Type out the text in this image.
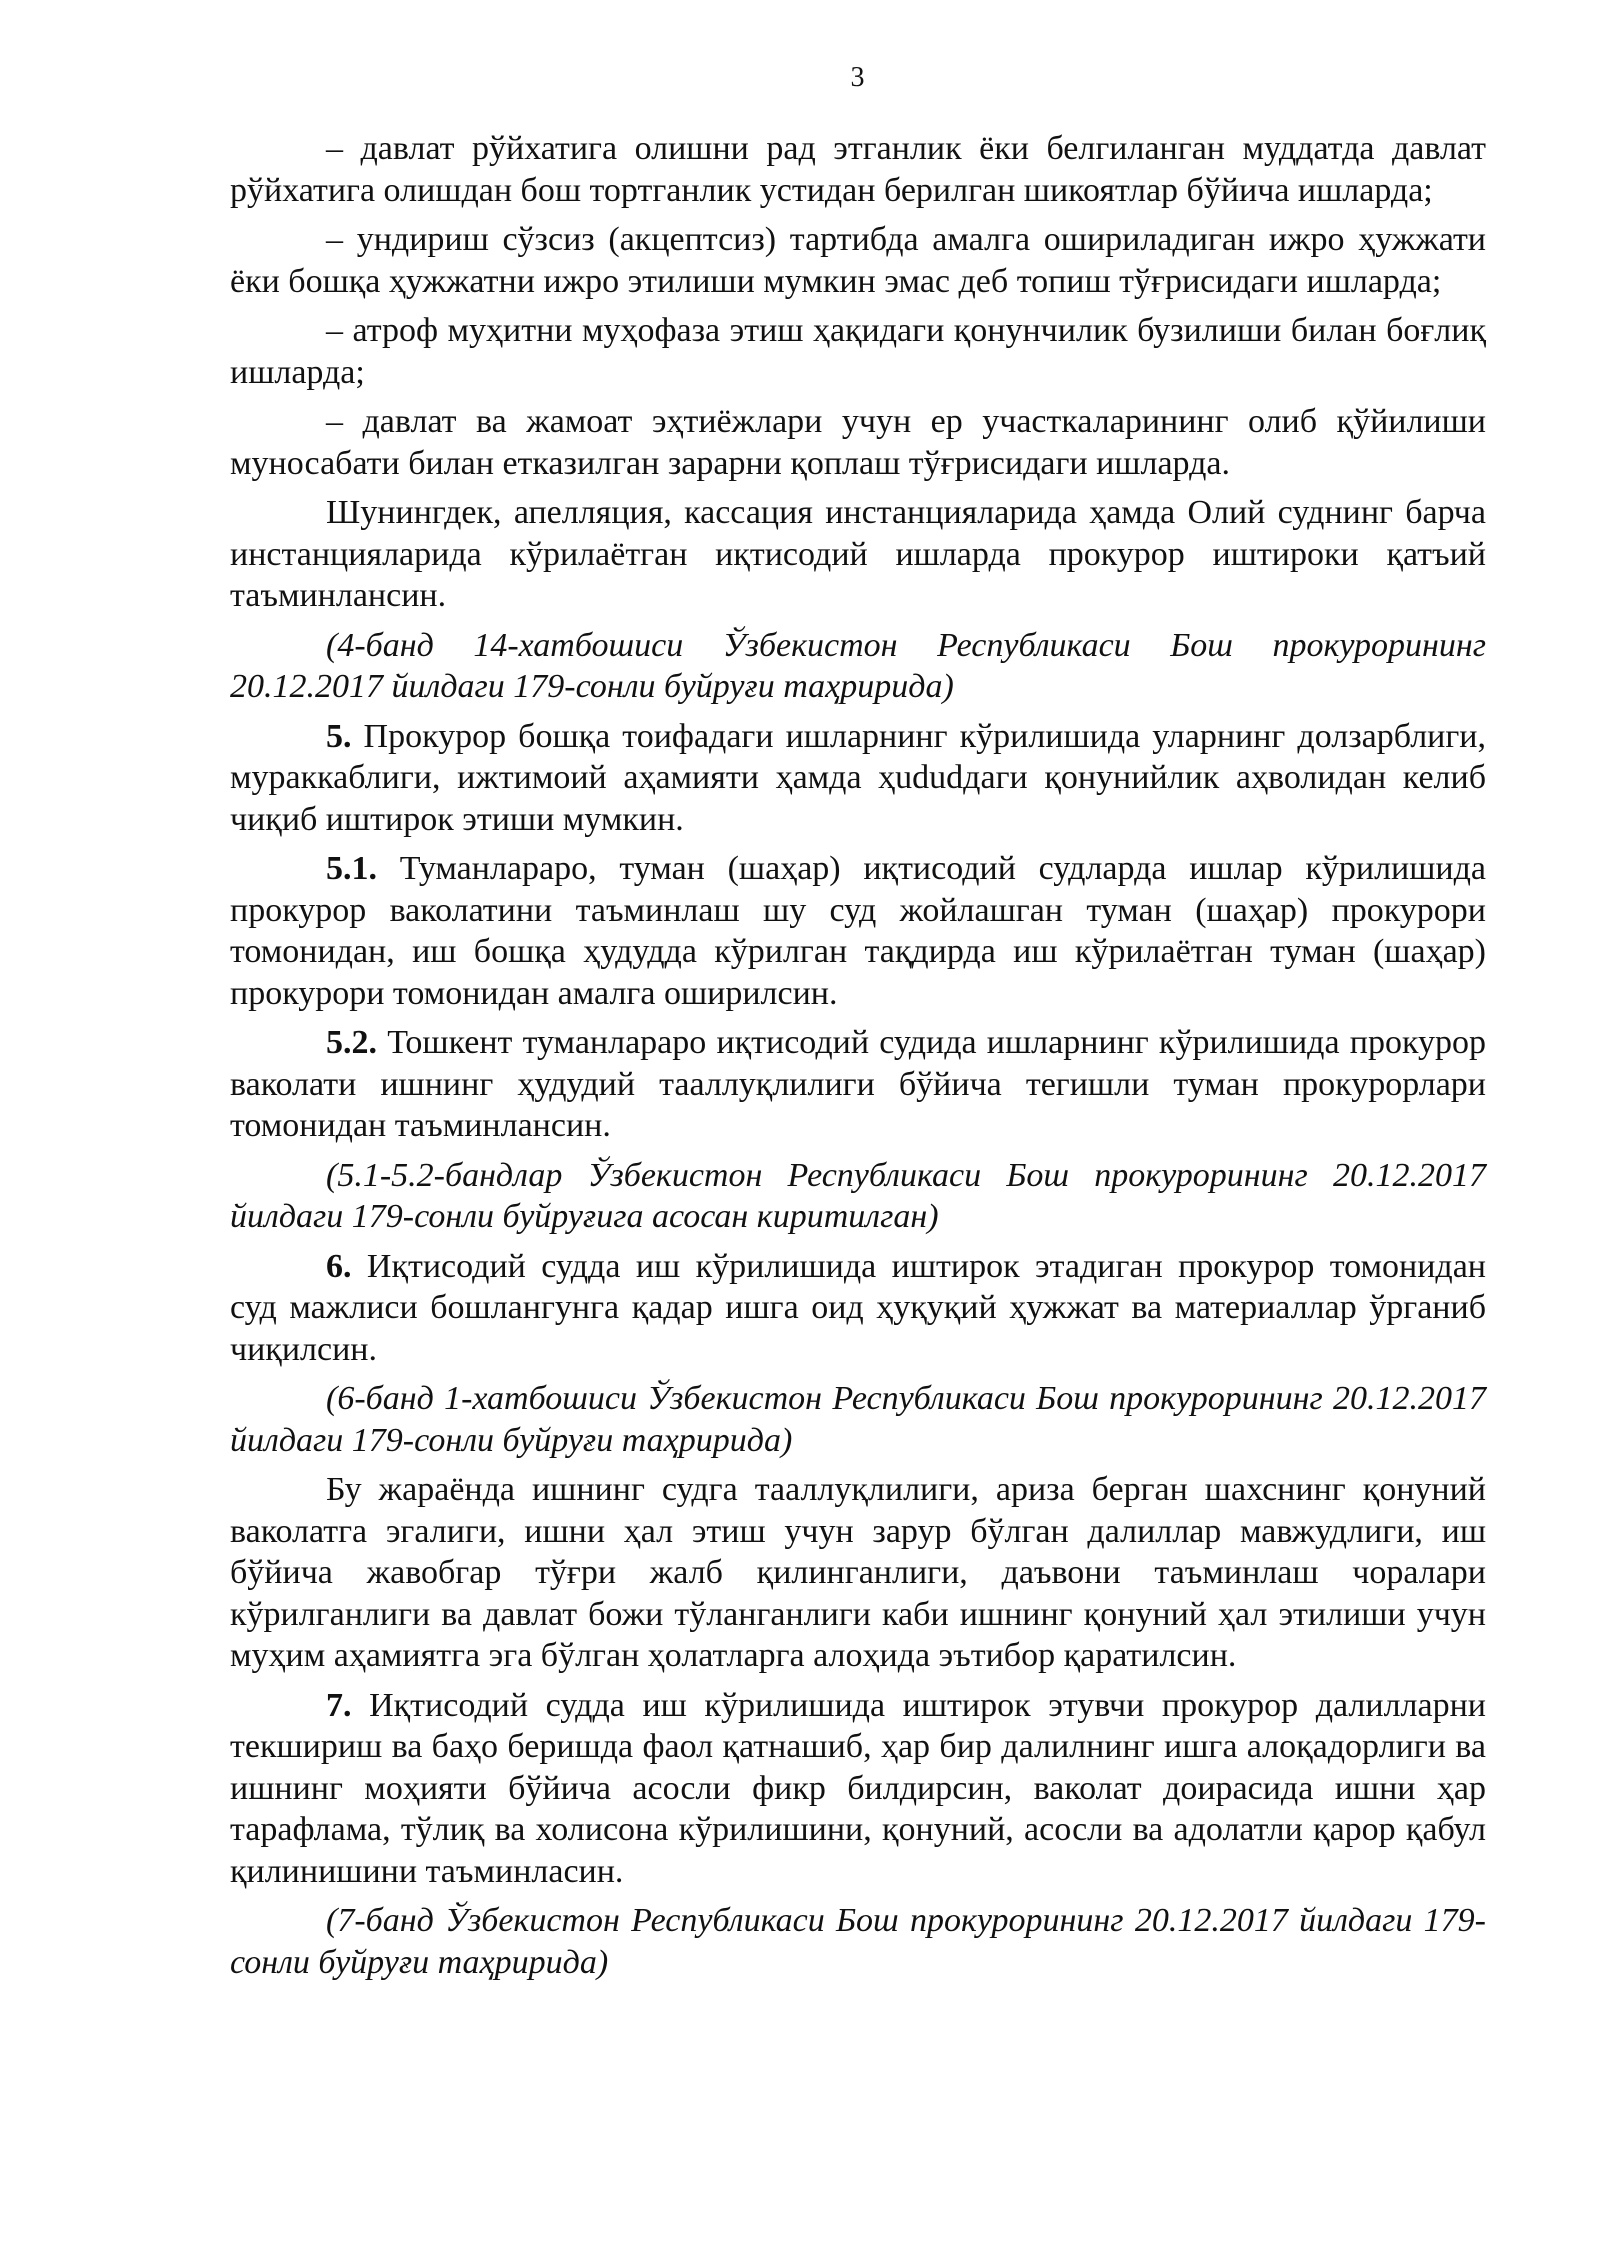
3

– давлат рўйхатига олишни рад этганлик ёки белгиланган муддатда давлат рўйхатига олишдан бош тортганлик устидан берилган шикоятлар бўйича ишларда;

– ундириш сўзсиз (акцептсиз) тартибда амалга ошириладиган ижро ҳужжати ёки бошқа ҳужжатни ижро этилиши мумкин эмас деб топиш тўғрисидаги ишларда;

– атроф муҳитни муҳофаза этиш ҳақидаги қонунчилик бузилиши билан боғлиқ ишларда;

– давлат ва жамоат эҳтиёжлари учун ер участкаларининг олиб қўйилиши муносабати билан етказилган зарарни қоплаш тўғрисидаги ишларда.

Шунингдек, апелляция, кассация инстанцияларида ҳамда Олий суднинг барча инстанцияларида кўрилаётган иқтисодий ишларда прокурор иштироки қатъий таъминлансин.

(4-банд 14-хатбошиси Ўзбекистон Республикаси Бош прокурорининг 20.12.2017 йилдаги 179-сонли буйруғи таҳририда)

5. Прокурор бошқа тоифадаги ишларнинг кўрилишида уларнинг долзарблиги, мураккаблиги, ижтимоий аҳамияти ҳамда ҳududдаги қонунийлик аҳволидан келиб чиқиб иштирок этиши мумкин.

5.1. Туманлараро, туман (шаҳар) иқтисодий судларда ишлар кўрилишида прокурор ваколатини таъминлаш шу суд жойлашган туман (шаҳар) прокурори томонидан, иш бошқа ҳудудда кўрилган тақдирда иш кўрилаётган туман (шаҳар) прокурори томонидан амалга оширилсин.

5.2. Тошкент туманлараро иқтисодий судида ишларнинг кўрилишида прокурор ваколати ишнинг ҳудудий тааллуқлилиги бўйича тегишли туман прокурорлари томонидан таъминлансин.

(5.1-5.2-бандлар Ўзбекистон Республикаси Бош прокурорининг 20.12.2017 йилдаги 179-сонли буйруғига асосан киритилган)

6. Иқтисодий судда иш кўрилишида иштирок этадиган прокурор томонидан суд мажлиси бошлангунга қадар ишга оид ҳуқуқий ҳужжат ва материаллар ўрганиб чиқилсин.

(6-банд 1-хатбошиси Ўзбекистон Республикаси Бош прокурорининг 20.12.2017 йилдаги 179-сонли буйруғи таҳририда)

Бу жараёнда ишнинг судга тааллуқлилиги, ариза берган шахснинг қонуний ваколатга эгалиги, ишни ҳал этиш учун зарур бўлган далиллар мавжудлиги, иш бўйича жавобгар тўғри жалб қилинганлиги, даъвони таъминлаш чоралари кўрилганлиги ва давлат божи тўланганлиги каби ишнинг қонуний ҳал этилиши учун муҳим аҳамиятга эга бўлган ҳолатларга алоҳида эътибор қаратилсин.

7. Иқтисодий судда иш кўрилишида иштирок этувчи прокурор далилларни текшириш ва баҳо беришда фаол қатнашиб, ҳар бир далилнинг ишга алоқадорлиги ва ишнинг моҳияти бўйича асосли фикр билдирсин, ваколат доирасида ишни ҳар тарафлама, тўлиқ ва холисона кўрилишини, қонуний, асосли ва адолатли қарор қабул қилинишини таъминласин.

(7-банд Ўзбекистон Республикаси Бош прокурорининг 20.12.2017 йилдаги 179-сонли буйруғи таҳририда)
